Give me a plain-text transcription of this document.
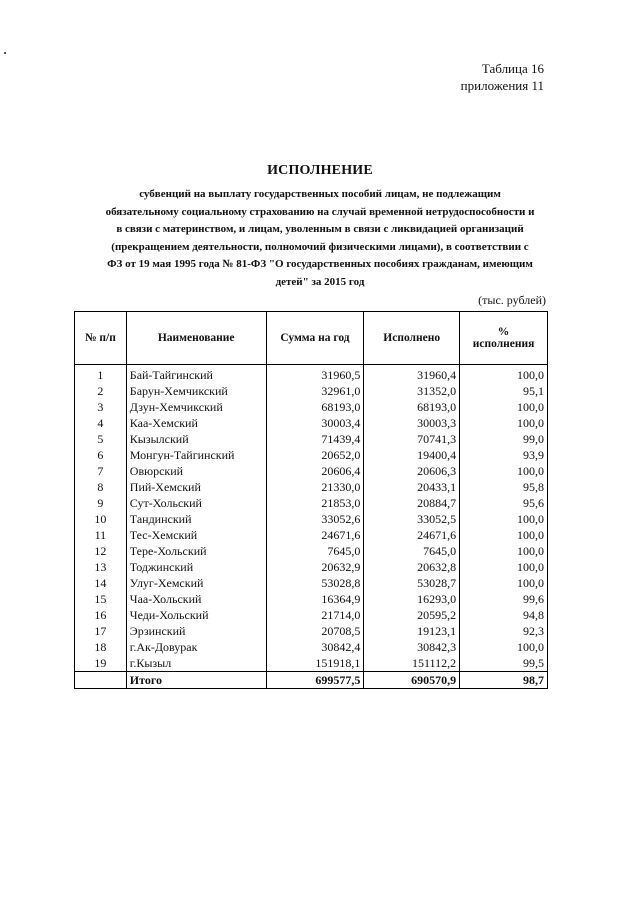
Таблица 16
приложения 11
ИСПОЛНЕНИЕ
субвенций на выплату государственных пособий лицам, не подлежащим
обязательному социальному страхованию на случай временной нетрудоспособности и
в связи с материнством, и лицам, уволенным в связи с ликвидацией организаций
(прекращением деятельности, полномочий физическими лицами), в соответствии с
ФЗ от 19 мая 1995 года № 81-ФЗ "О государственных пособиях гражданам, имеющим
детей" за 2015 год
(тыс. рублей)
№ п/п	Наименование	Сумма на год	Исполнено	%
исполнения

1	Бай-Тайгинский	31960,5	31960,4	100,0
2	Барун-Хемчикский	32961,0	31352,0	95,1
3	Дзун-Хемчикский	68193,0	68193,0	100,0
4	Каа-Хемский	30003,4	30003,3	100,0
5	Кызылский	71439,4	70741,3	99,0
6	Монгун-Тайгинский	20652,0	19400,4	93,9
7	Овюрский	20606,4	20606,3	100,0
8	Пий-Хемский	21330,0	20433,1	95,8
9	Сут-Хольский	21853,0	20884,7	95,6
10	Тандинский	33052,6	33052,5	100,0
11	Тес-Хемский	24671,6	24671,6	100,0
12	Тере-Хольский	7645,0	7645,0	100,0
13	Тоджинский	20632,9	20632,8	100,0
14	Улуг-Хемский	53028,8	53028,7	100,0
15	Чаа-Хольский	16364,9	16293,0	99,6
16	Чеди-Хольский	21714,0	20595,2	94,8
17	Эрзинский	20708,5	19123,1	92,3
18	г.Ак-Довурак	30842,4	30842,3	100,0
19	г.Кызыл	151918,1	151112,2	99,5
	Итого	699577,5	690570,9	98,7
